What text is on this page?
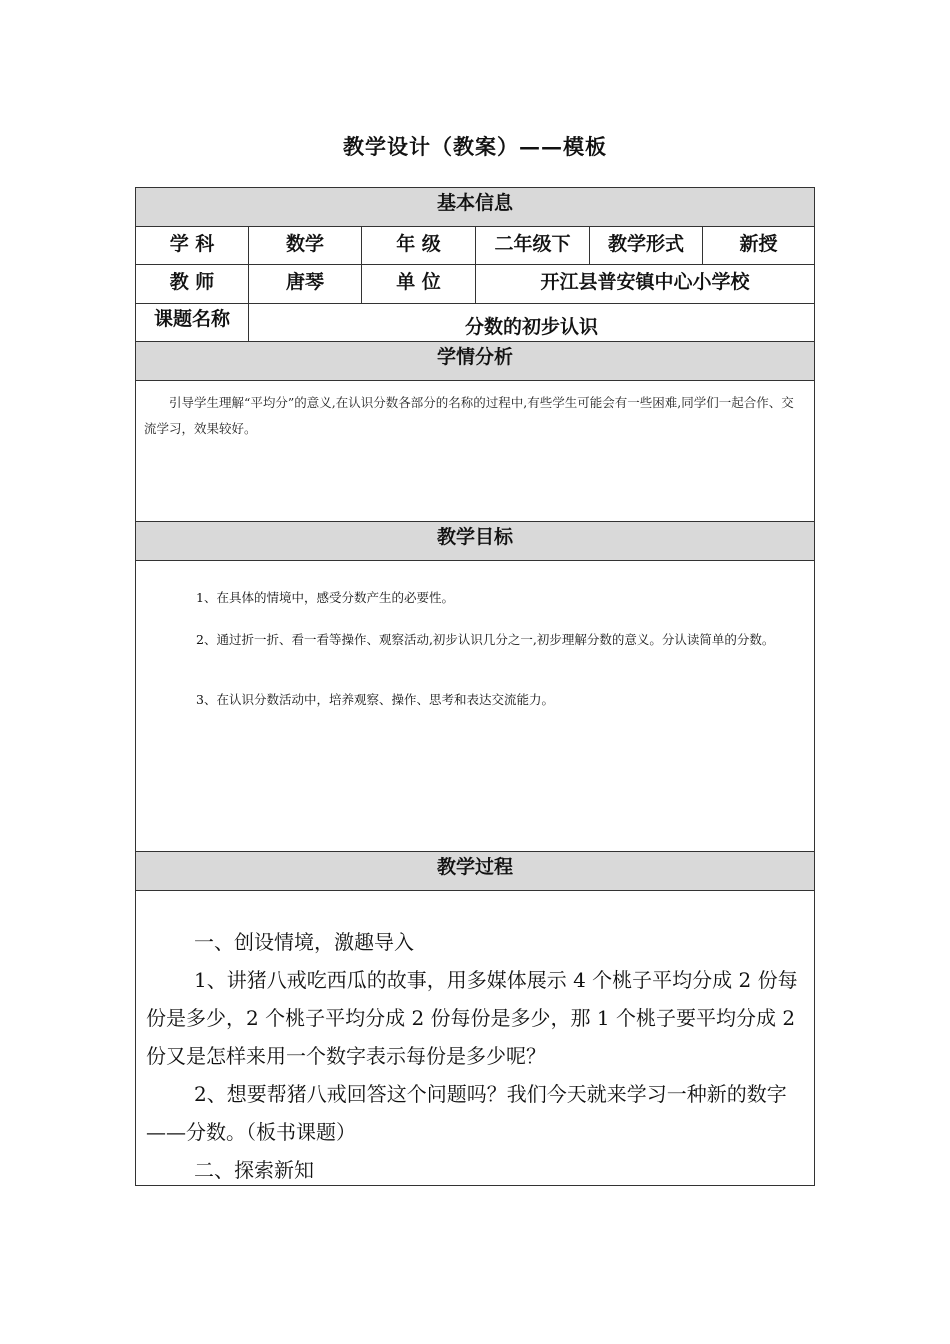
教学设计（教案）——模板
基本信息
学 科	数学	年 级	二年级下	教学形式	新授
教 师	唐琴	单 位	开江县普安镇中心小学校
课题名称	分数的初步认识
学情分析

引导学生理解“平均分”的意义,在认识分数各部分的名称的过程中,有些学生可能会有一些困难,同学们一起合作、交流学习，效果较好。

教学目标

1、在具体的情境中，感受分数产生的必要性。

2、通过折一折、看一看等操作、观察活动,初步认识几分之一,初步理解分数的意义。分认读简单的分数。

3、在认识分数活动中，培养观察、操作、思考和表达交流能力。

教学过程

一、创设情境，激趣导入

1、讲猪八戒吃西瓜的故事，用多媒体展示 4 个桃子平均分成 2 份每份是多少，2 个桃子平均分成 2 份每份是多少，那 1 个桃子要平均分成 2 份又是怎样来用一个数字表示每份是多少呢？

2、想要帮猪八戒回答这个问题吗？我们今天就来学习一种新的数字——分数。（板书课题）

二、探索新知
